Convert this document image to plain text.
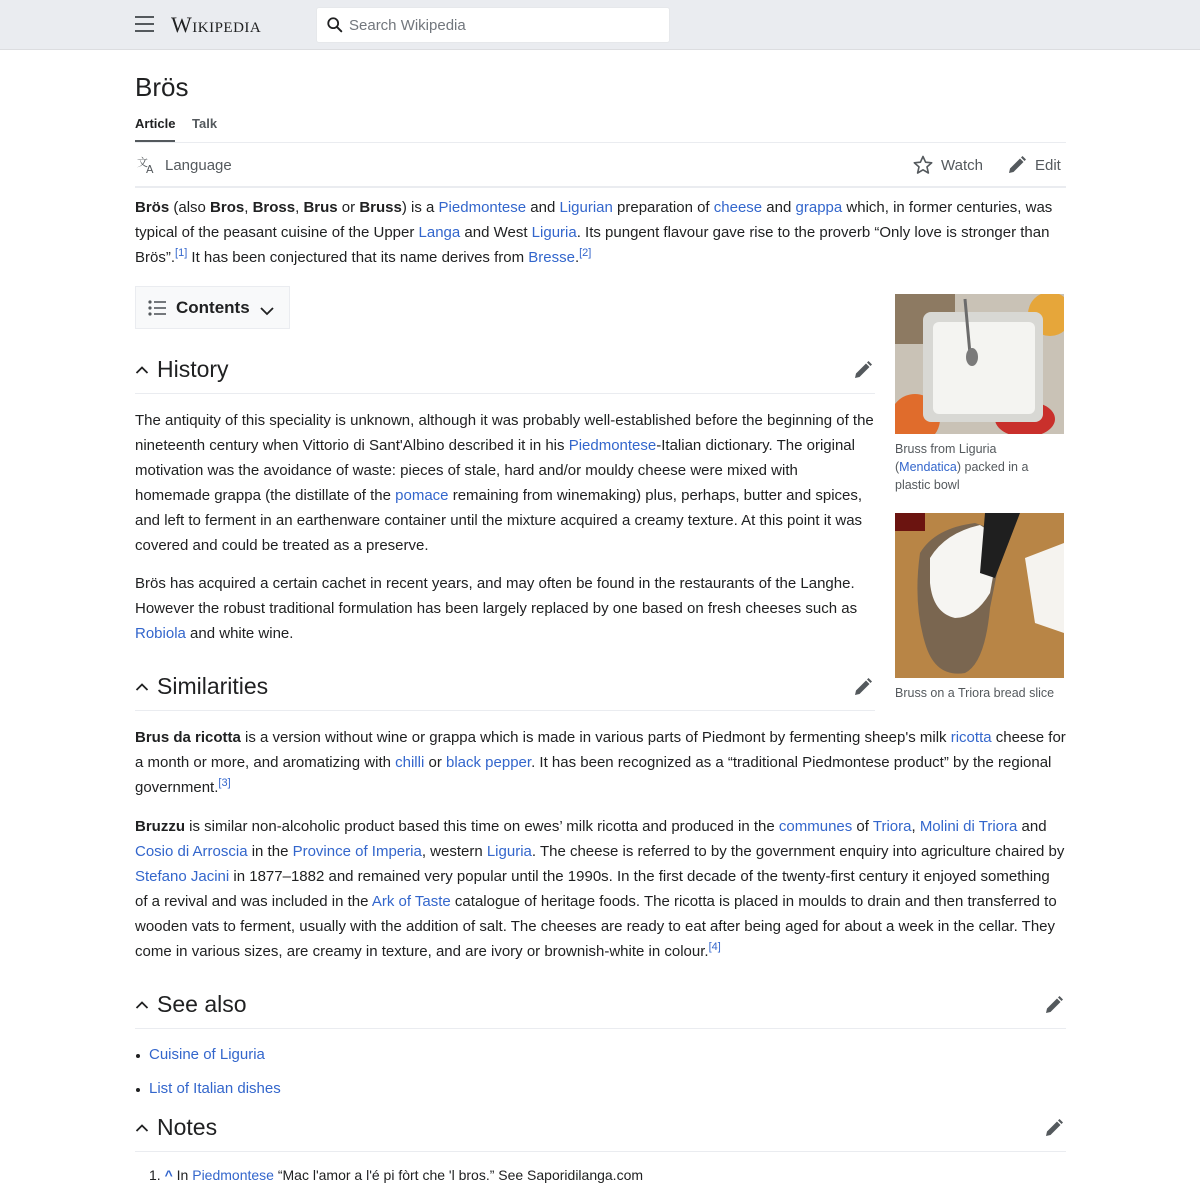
Wikipedia
Search Wikipedia
Brös
Article Talk
文
A Language	Watch	Edit

Brös (also Bros, Bross, Brus or Bruss) is a Piedmontese and Ligurian preparation of cheese and grappa which, in former centuries, was typical of the peasant cuisine of the Upper Langa and West Liguria. Its pungent flavour gave rise to the proverb “Only love is stronger than Brös”.[1] It has been conjectured that its name derives from Bresse.[2]

Contents
Bruss from Liguria (Mendatica) packed in a plastic bowl
Bruss on a Triora bread slice
History

The antiquity of this speciality is unknown, although it was probably well-established before the beginning of the nineteenth century when Vittorio di Sant'Albino described it in his Piedmontese-Italian dictionary. The original motivation was the avoidance of waste: pieces of stale, hard and/or mouldy cheese were mixed with homemade grappa (the distillate of the pomace remaining from winemaking) plus, perhaps, butter and spices, and left to ferment in an earthenware container until the mixture acquired a creamy texture. At this point it was covered and could be treated as a preserve.

Brös has acquired a certain cachet in recent years, and may often be found in the restaurants of the Langhe. However the robust traditional formulation has been largely replaced by one based on fresh cheeses such as Robiola and white wine.

Similarities

Brus da ricotta is a version without wine or grappa which is made in various parts of Piedmont by fermenting sheep's milk ricotta cheese for a month or more, and aromatizing with chilli or black pepper. It has been recognized as a “traditional Piedmontese product” by the regional government.[3]

Bruzzu is similar non-alcoholic product based this time on ewes’ milk ricotta and produced in the communes of Triora, Molini di Triora and Cosio di Arroscia in the Province of Imperia, western Liguria. The cheese is referred to by the government enquiry into agriculture chaired by Stefano Jacini in 1877–1882 and remained very popular until the 1990s. In the first decade of the twenty-first century it enjoyed something of a revival and was included in the Ark of Taste catalogue of heritage foods. The ricotta is placed in moulds to drain and then transferred to wooden vats to ferment, usually with the addition of salt. The cheeses are ready to eat after being aged for about a week in the cellar. They come in various sizes, are creamy in texture, and are ivory or brownish-white in colour.[4]

See also
Cuisine of Liguria
List of Italian dishes
Notes
1. ^ In Piedmontese “Mac l'amor a l'é pi fòrt che 'l bros.” See Saporidilanga.com
